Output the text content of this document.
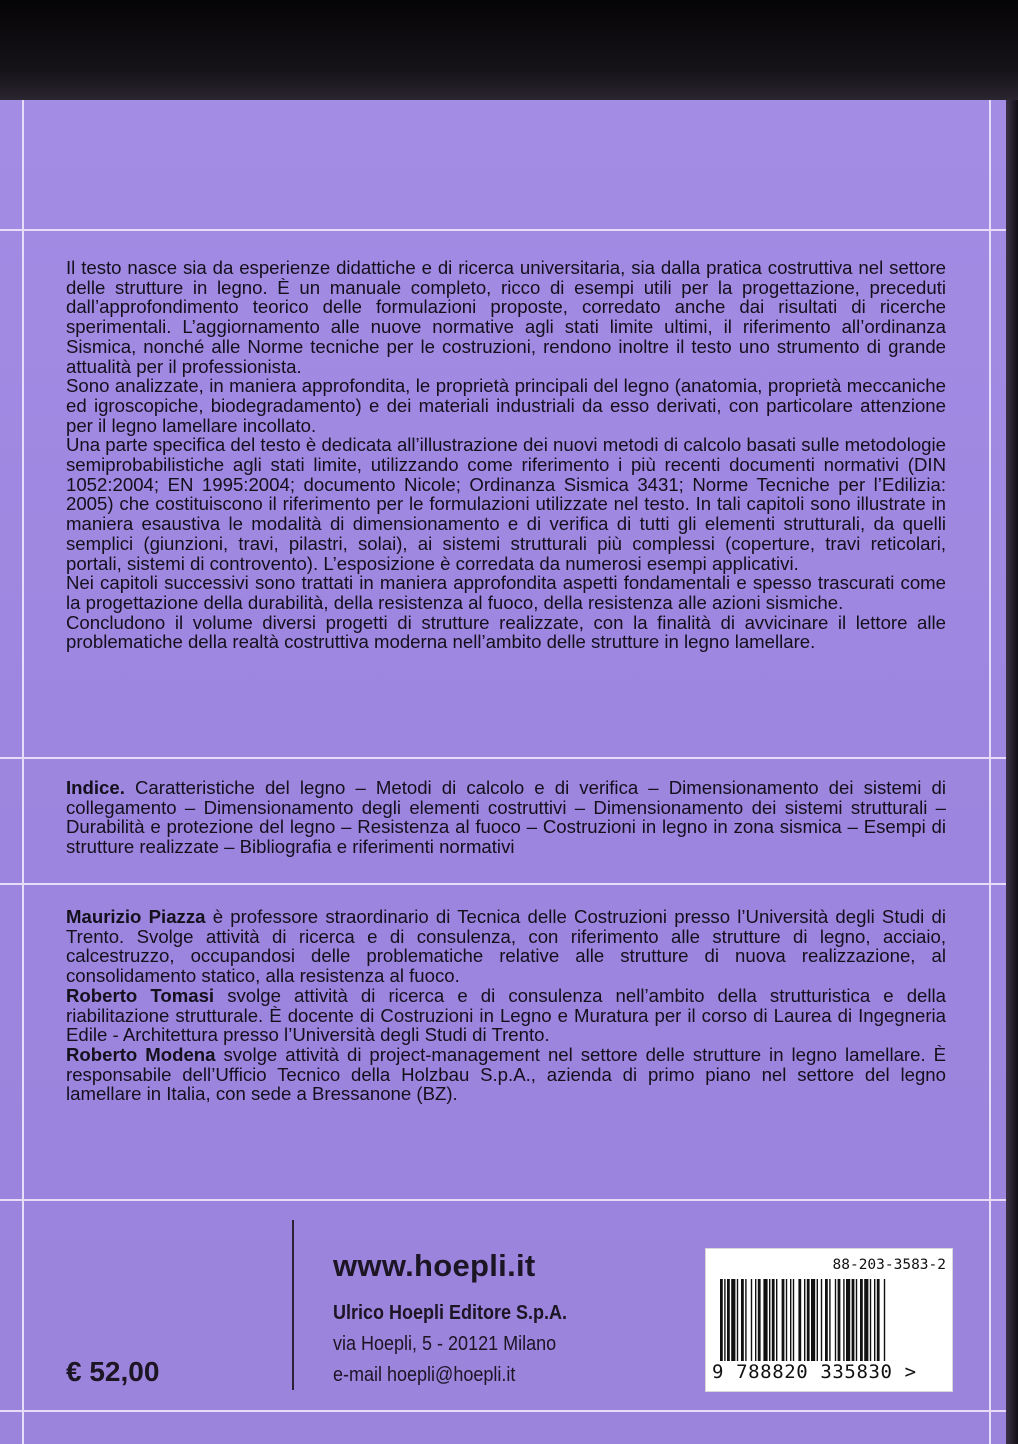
Il testo nasce sia da esperienze didattiche e di ricerca universitaria, sia dalla pratica costruttiva nel settore delle strutture in legno. È un manuale completo, ricco di esempi utili per la progettazione, preceduti dall’approfondimento teorico delle formulazioni proposte, corredato anche dai risultati di ricerche sperimentali. L’aggiornamento alle nuove normative agli stati limite ultimi, il riferimento all’ordinanza Sismica, nonché alle Norme tecniche per le costruzioni, rendono inoltre il testo uno strumento di grande attualità per il professionista.

Sono analizzate, in maniera approfondita, le proprietà principali del legno (anatomia, proprietà meccaniche ed igroscopiche, biodegradamento) e dei materiali industriali da esso derivati, con particolare attenzione per il legno lamellare incollato.

Una parte specifica del testo è dedicata all’illustrazione dei nuovi metodi di calcolo basati sulle metodologie semiprobabilistiche agli stati limite, utilizzando come riferimento i più recenti documenti normativi (DIN 1052:2004; EN 1995:2004; documento Nicole; Ordinanza Sismica 3431; Norme Tecniche per l’Edilizia: 2005) che costituiscono il riferimento per le formulazioni utilizzate nel testo. In tali capitoli sono illustrate in maniera esaustiva le modalità di dimensionamento e di verifica di tutti gli elementi strutturali, da quelli semplici (giunzioni, travi, pilastri, solai), ai sistemi strutturali più complessi (coperture, travi reticolari, portali, sistemi di controvento). L’esposizione è corredata da numerosi esempi applicativi.

Nei capitoli successivi sono trattati in maniera approfondita aspetti fondamentali e spesso trascurati come la progettazione della durabilità, della resistenza al fuoco, della resistenza alle azioni sismiche.

Concludono il volume diversi progetti di strutture realizzate, con la finalità di avvicinare il lettore alle problematiche della realtà costruttiva moderna nell’ambito delle strutture in legno lamellare.

Indice. Caratteristiche del legno – Metodi di calcolo e di verifica – Dimensionamento dei sistemi di collegamento – Dimensionamento degli elementi costruttivi – Dimensionamento dei sistemi strutturali – Durabilità e protezione del legno – Resistenza al fuoco – Costruzioni in legno in zona sismica – Esempi di strutture realizzate – Bibliografia e riferimenti normativi

Maurizio Piazza è professore straordinario di Tecnica delle Costruzioni presso l’Università degli Studi di Trento. Svolge attività di ricerca e di consulenza, con riferimento alle strutture di legno, acciaio, calcestruzzo, occupandosi delle problematiche relative alle strutture di nuova realizzazione, al consolidamento statico, alla resistenza al fuoco.

Roberto Tomasi svolge attività di ricerca e di consulenza nell’ambito della strutturistica e della riabilitazione strutturale. È docente di Costruzioni in Legno e Muratura per il corso di Laurea di Ingegneria Edile - Architettura presso l’Università degli Studi di Trento.

Roberto Modena svolge attività di project-management nel settore delle strutture in legno lamellare. È responsabile dell’Ufficio Tecnico della Holzbau S.p.A., azienda di primo piano nel settore del legno lamellare in Italia, con sede a Bressanone (BZ).

www.hoepli.it
Ulrico Hoepli Editore S.p.A.
via Hoepli, 5 - 20121 Milano
e-mail hoepli@hoepli.it
€ 52,00
88-203-3583-2
9 788820 335830 >
